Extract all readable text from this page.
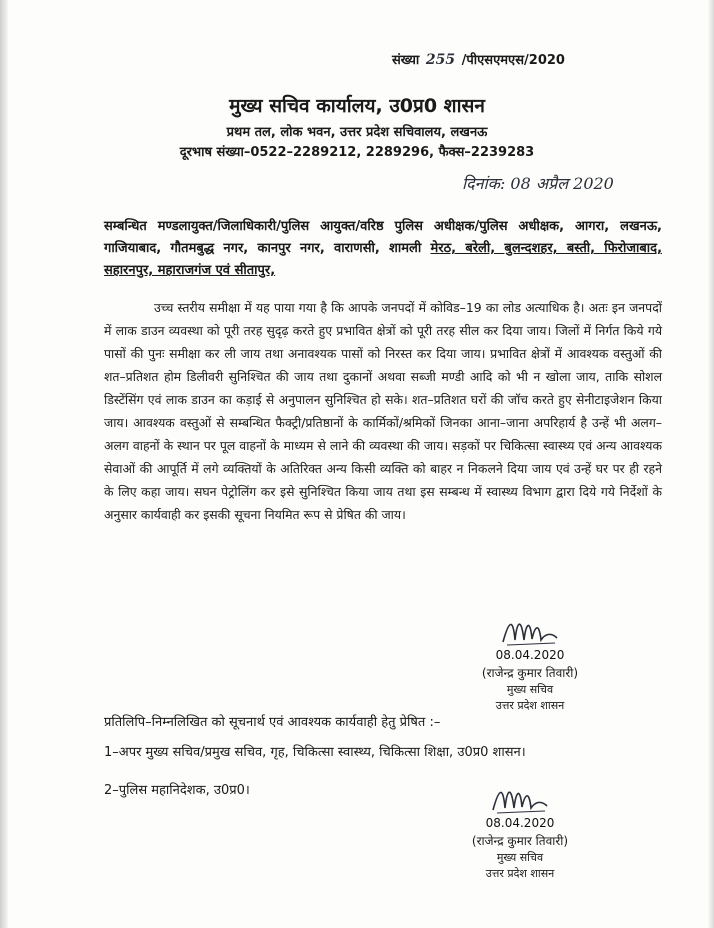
संख्या 255 /पीएसएमएस/2020
मुख्य सचिव कार्यालय, उ0प्र0 शासन
प्रथम तल, लोक भवन, उत्तर प्रदेश सचिवालय, लखनऊ
दूरभाष संख्या–0522–2289212, 2289296, फैक्स–2239283
दिनांक: 08 अप्रैल 2020
सम्बन्धित मण्डलायुक्त/जिलाधिकारी/पुलिस आयुक्त/वरिष्ठ पुलिस अधीक्षक/पुलिस अधीक्षक, आगरा, लखनऊ, गाजियाबाद, गौतमबुद्ध नगर, कानपुर नगर, वाराणसी, शामली मेरठ, बरेली, बुलन्दशहर, बस्ती, फिरोजाबाद, सहारनपुर, महाराजगंज एवं सीतापुर,
उच्च स्तरीय समीक्षा में यह पाया गया है कि आपके जनपदों में कोविड–19 का लोड अत्याधिक है। अतः इन जनपदों में लाक डाउन व्यवस्था को पूरी तरह सुदृढ़ करते हुए प्रभावित क्षेत्रों को पूरी तरह सील कर दिया जाय। जिलों में निर्गत किये गये पासों की पुनः समीक्षा कर ली जाय तथा अनावश्यक पासों को निरस्त कर दिया जाय। प्रभावित क्षेत्रों में आवश्यक वस्तुओं की शत–प्रतिशत होम डिलीवरी सुनिश्चित की जाय तथा दुकानों अथवा सब्जी मण्डी आदि को भी न खोला जाय, ताकि सोशल डिस्टेंसिंग एवं लाक डाउन का कड़ाई से अनुपालन सुनिश्चित हो सके। शत–प्रतिशत घरों की जॉच करते हुए सेनीटाइजेशन किया जाय। आवश्यक वस्तुओं से सम्बन्धित फैक्ट्री/प्रतिष्ठानों के कार्मिकों/श्रमिकों जिनका आना–जाना अपरिहार्य है उन्हें भी अलग–अलग वाहनों के स्थान पर पूल वाहनों के माध्यम से लाने की व्यवस्था की जाय। सड़कों पर चिकित्सा स्वास्थ्य एवं अन्य आवश्यक सेवाओं की आपूर्ति में लगे व्यक्तियों के अतिरिक्त अन्य किसी व्यक्ति को बाहर न निकलने दिया जाय एवं उन्हें घर पर ही रहने के लिए कहा जाय। सघन पेट्रोलिंग कर इसे सुनिश्चित किया जाय तथा इस सम्बन्ध में स्वास्थ्य विभाग द्वारा दिये गये निर्देशों के अनुसार कार्यवाही कर इसकी सूचना नियमित रूप से प्रेषित की जाय।
08.04.2020
(राजेन्द्र कुमार तिवारी)
मुख्य सचिव
उत्तर प्रदेश शासन
प्रतिलिपि–निम्नलिखित को सूचनार्थ एवं आवश्यक कार्यवाही हेतु प्रेषित :–
1–अपर मुख्य सचिव/प्रमुख सचिव, गृह, चिकित्सा स्वास्थ्य, चिकित्सा शिक्षा, उ0प्र0 शासन।
2–पुलिस महानिदेशक, उ0प्र0।
08.04.2020
(राजेन्द्र कुमार तिवारी)
मुख्य सचिव
उत्तर प्रदेश शासन
